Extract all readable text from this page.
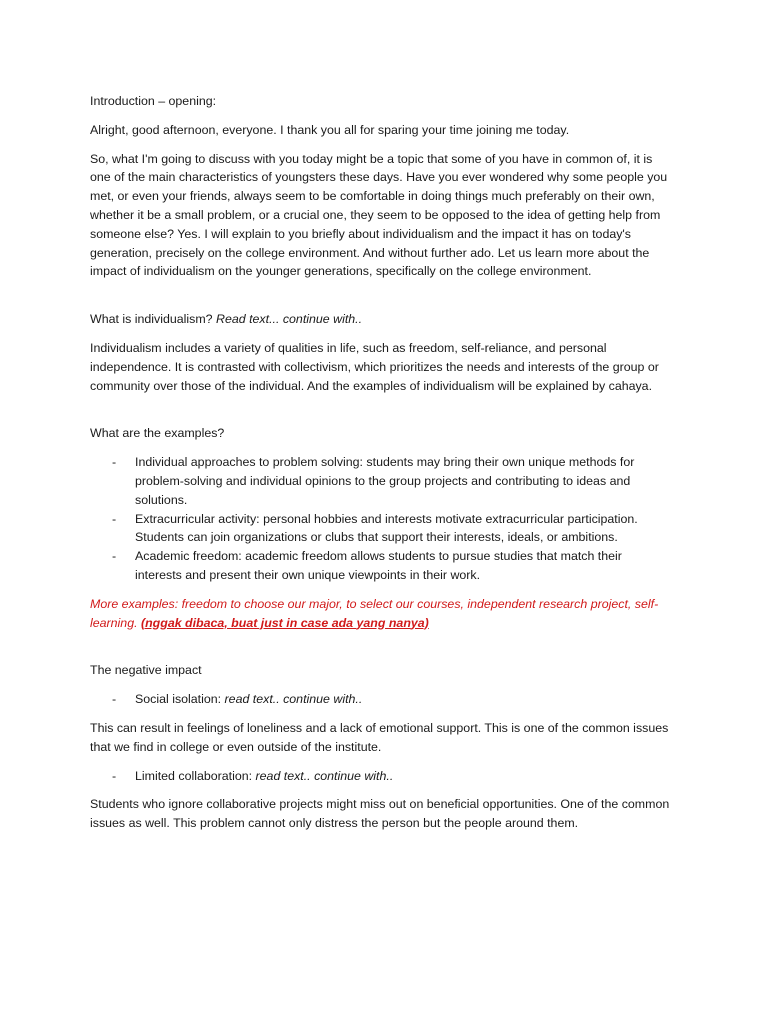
Introduction – opening:

Alright, good afternoon, everyone. I thank you all for sparing your time joining me today.

So, what I'm going to discuss with you today might be a topic that some of you have in common of, it is one of the main characteristics of youngsters these days. Have you ever wondered why some people you met, or even your friends, always seem to be comfortable in doing things much preferably on their own, whether it be a small problem, or a crucial one, they seem to be opposed to the idea of getting help from someone else? Yes. I will explain to you briefly about individualism and the impact it has on today's generation, precisely on the college environment. And without further ado. Let us learn more about the impact of individualism on the younger generations, specifically on the college environment.

What is individualism? Read text... continue with..

Individualism includes a variety of qualities in life, such as freedom, self-reliance, and personal independence. It is contrasted with collectivism, which prioritizes the needs and interests of the group or community over those of the individual. And the examples of individualism will be explained by cahaya.

What are the examples?

- Individual approaches to problem solving: students may bring their own unique methods for problem-solving and individual opinions to the group projects and contributing to ideas and solutions.
- Extracurricular activity: personal hobbies and interests motivate extracurricular participation. Students can join organizations or clubs that support their interests, ideals, or ambitions.
- Academic freedom: academic freedom allows students to pursue studies that match their interests and present their own unique viewpoints in their work.

More examples: freedom to choose our major, to select our courses, independent research project, self-learning. (nggak dibaca, buat just in case ada yang nanya)

The negative impact

- Social isolation: read text.. continue with..

This can result in feelings of loneliness and a lack of emotional support. This is one of the common issues that we find in college or even outside of the institute.

- Limited collaboration: read text.. continue with..

Students who ignore collaborative projects might miss out on beneficial opportunities. One of the common issues as well. This problem cannot only distress the person but the people around them.
